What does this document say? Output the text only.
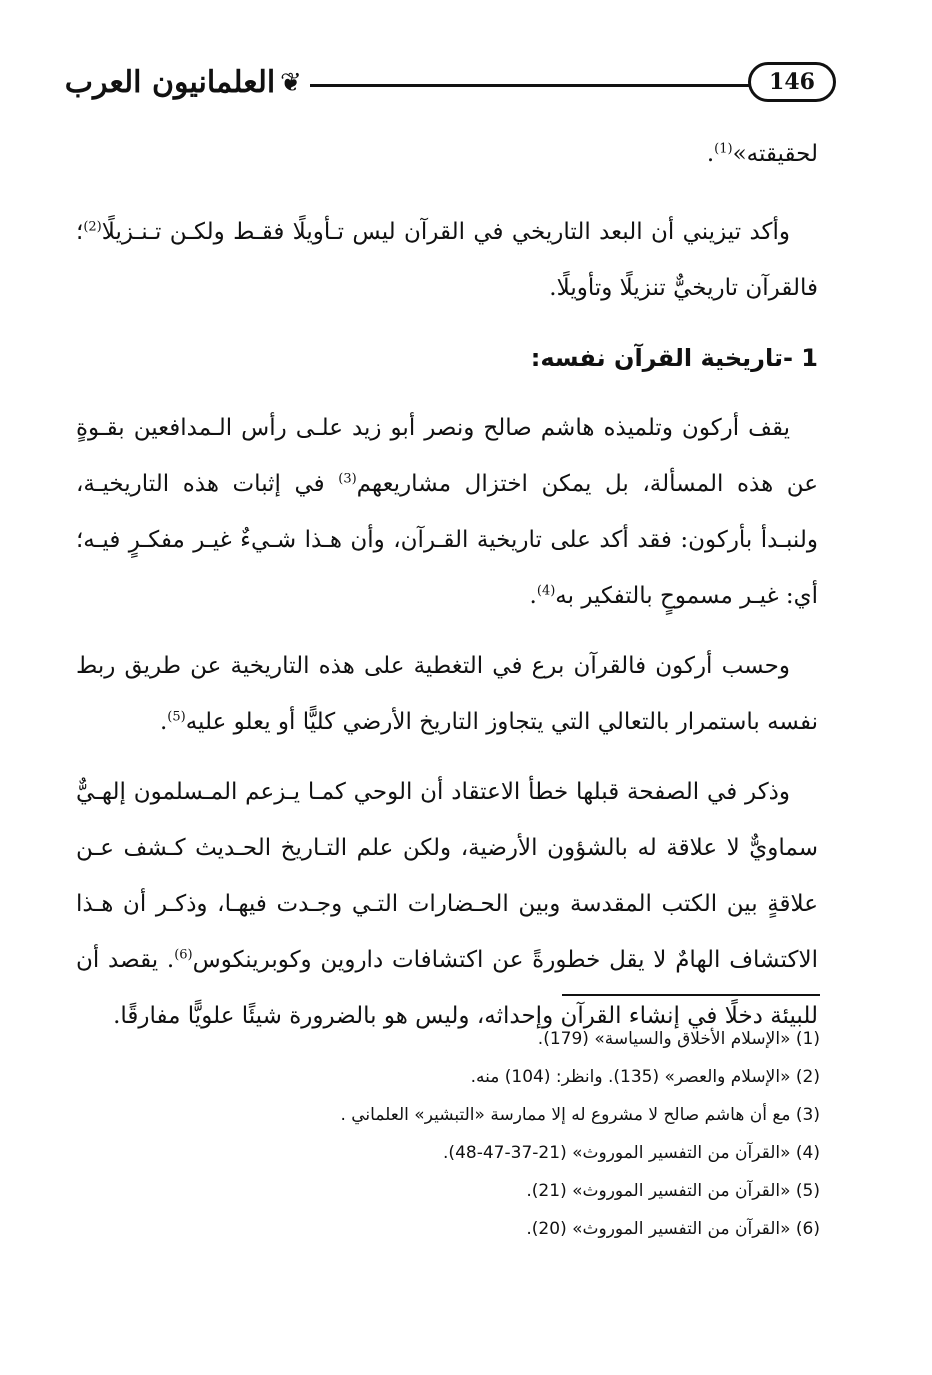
العلمانيون العرب ❦	146

لحقيقته»$^{(1)}$.

وأكد تيزيني أن البعد التاريخي في القرآن ليس تـأويلًا فقـط ولكـن تـنـزيلًا$^{(2)}$؛ فالقرآن تاريخيٌّ تنزيلًا وتأويلًا.

1 -تاريخية القرآن نفسه:

يقف أركون وتلميذه هاشم صالح ونصر أبو زيد علـى رأس الـمدافعين بقـوةٍ عن هذه المسألة، بل يمكن اختزال مشاريعهم$^{(3)}$ في إثبات هذه التاريخيـة، ولنبـدأ بأركون: فقد أكد على تاريخية القـرآن، وأن هـذا شـيءٌ غيـر مفكـرٍ فيـه؛ أي: غيـر مسموحٍ بالتفكير به$^{(4)}$.

وحسب أركون فالقرآن برع في التغطية على هذه التاريخية عن طريق ربط نفسه باستمرار بالتعالي التي يتجاوز التاريخ الأرضي كليًّا أو يعلو عليه$^{(5)}$.

وذكر في الصفحة قبلها خطأ الاعتقاد أن الوحي كمـا يـزعم المـسلمون إلهـيٌّ سماويٌّ لا علاقة له بالشؤون الأرضية، ولكن علم التـاريخ الحـديث كـشف عـن علاقةٍ بين الكتب المقدسة وبين الحـضارات التـي وجـدت فيهـا، وذكـر أن هـذا الاكتشاف الهامٌ لا يقل خطورةً عن اكتشافات داروين وكوبرينكوس$^{(6)}$. يقصد أن للبيئة دخلًا في إنشاء القرآن وإحداثه، وليس هو بالضرورة شيئًا علويًّا مفارقًا.

(1) «الإسلام الأخلاق والسياسة» (179).
(2) «الإسلام والعصر» (135). وانظر: (104) منه.
(3) مع أن هاشم صالح لا مشروع له إلا ممارسة «التبشير» العلماني .
(4) «القرآن من التفسير الموروث» (21-37-47-48).
(5) «القرآن من التفسير الموروث» (21).
(6) «القرآن من التفسير الموروث» (20).
